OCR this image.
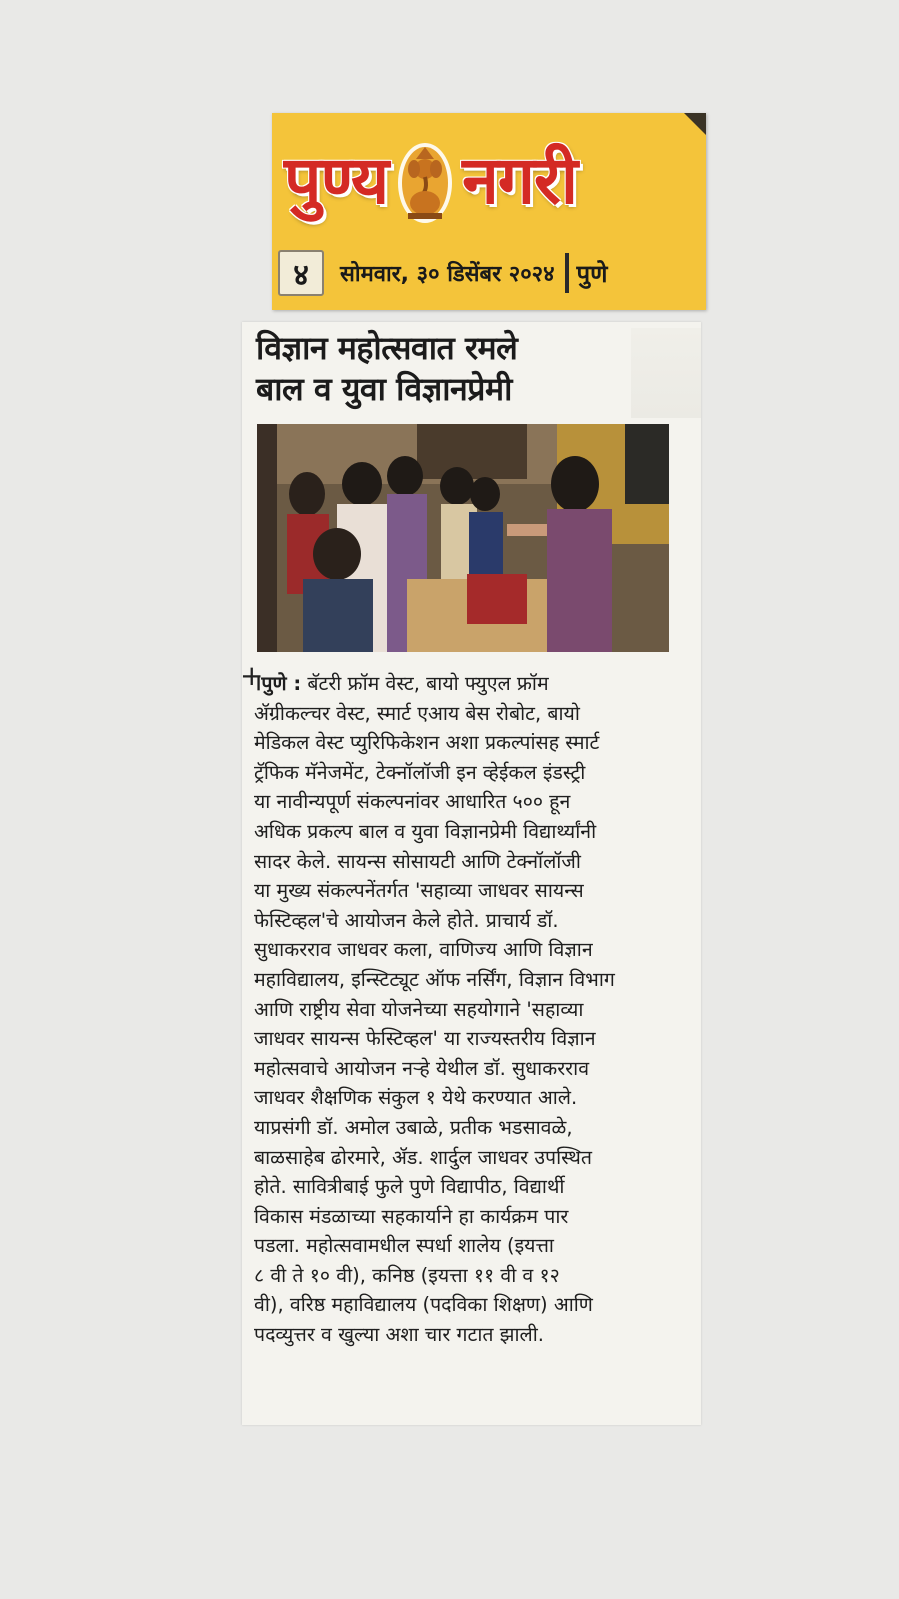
पुण्य नगरी
४	सोमवार, ३० डिसेंबर २०२४ पुणे
विज्ञान महोत्सवात रमले
बाल व युवा विज्ञानप्रेमी
।पुणे : बॅटरी फ्रॉम वेस्ट, बायो फ्युएल फ्रॉम
ॲग्रीकल्चर वेस्ट, स्मार्ट एआय बेस रोबोट, बायो
मेडिकल वेस्ट प्युरिफिकेशन अशा प्रकल्पांसह स्मार्ट
ट्रॅफिक मॅनेजमेंट, टेक्नॉलॉजी इन व्हेईकल इंडस्ट्री
या नावीन्यपूर्ण संकल्पनांवर आधारित ५०० हून
अधिक प्रकल्प बाल व युवा विज्ञानप्रेमी विद्यार्थ्यांनी
सादर केले. सायन्स सोसायटी आणि टेक्नॉलॉजी
या मुख्य संकल्पनेंतर्गत 'सहाव्या जाधवर सायन्स
फेस्टिव्हल'चे आयोजन केले होते. प्राचार्य डॉ.
सुधाकरराव जाधवर कला, वाणिज्य आणि विज्ञान
महाविद्यालय, इन्स्टिट्यूट ऑफ नर्सिंग, विज्ञान विभाग
आणि राष्ट्रीय सेवा योजनेच्या सहयोगाने 'सहाव्या
जाधवर सायन्स फेस्टिव्हल' या राज्यस्तरीय विज्ञान
महोत्सवाचे आयोजन नऱ्हे येथील डॉ. सुधाकरराव
जाधवर शैक्षणिक संकुल १ येथे करण्यात आले.
याप्रसंगी डॉ. अमोल उबाळे, प्रतीक भडसावळे,
बाळसाहेब ढोरमारे, ॲड. शार्दुल जाधवर उपस्थित
होते. सावित्रीबाई फुले पुणे विद्यापीठ, विद्यार्थी
विकास मंडळाच्या सहकार्याने हा कार्यक्रम पार
पडला. महोत्सवामधील स्पर्धा शालेय (इयत्ता
८ वी ते १० वी), कनिष्ठ (इयत्ता ११ वी व १२
वी), वरिष्ठ महाविद्यालय (पदविका शिक्षण) आणि
पदव्युत्तर व खुल्या अशा चार गटात झाली.
+
